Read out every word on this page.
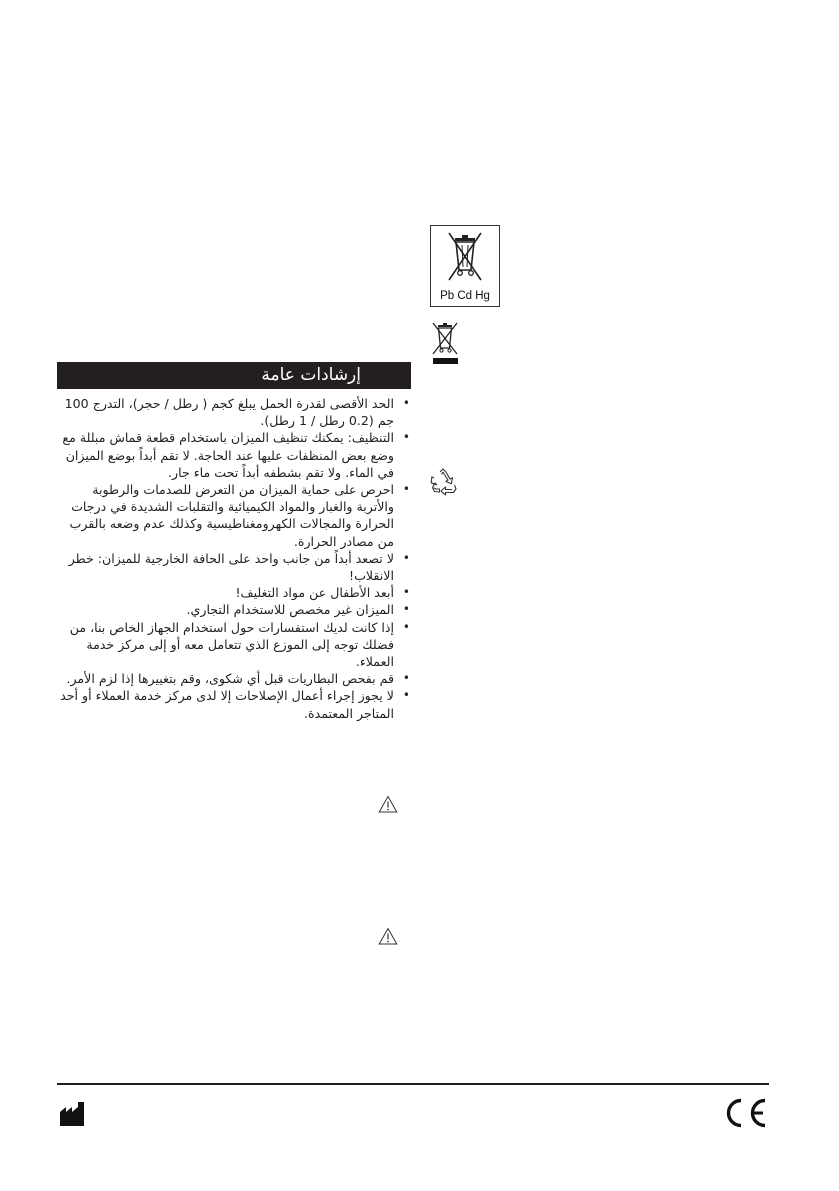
إرشادات عامة
• الحد الأقصى لقدرة الحمل يبلغ كجم ( رطل / حجر)، التدرج 100 جم (0.2 رطل / 1 رطل).
• التنظيف: يمكنك تنظيف الميزان باستخدام قطعة قماش مبللة مع وضع بعض المنظفات عليها عند الحاجة. لا تقم أبداً بوضع الميزان في الماء. ولا تقم بشطفه أبداً تحت ماء جار.
• احرص على حماية الميزان من التعرض للصدمات والرطوبة والأتربة والغبار والمواد الكيميائية والتقلبات الشديدة في درجات الحرارة والمجالات الكهرومغناطيسية وكذلك عدم وضعه بالقرب من مصادر الحرارة.
• لا تصعد أبداً من جانب واحد على الحافة الخارجية للميزان: خطر الانقلاب!
• أبعد الأطفال عن مواد التغليف!
• الميزان غير مخصص للاستخدام التجاري.
• إذا كانت لديك استفسارات حول استخدام الجهاز الخاص بنا، من فضلك توجه إلى الموزع الذي تتعامل معه أو إلى مركز خدمة العملاء.
• قم بفحص البطاريات قبل أي شكوى، وقم بتغييرها إذا لزم الأمر.
• لا يجوز إجراء أعمال الإصلاحات إلا لدى مركز خدمة العملاء أو أحد المتاجر المعتمدة.
Pb Cd Hg
